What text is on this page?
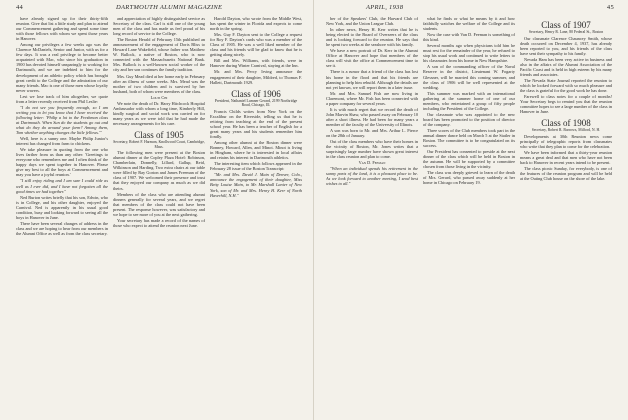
44	DARTMOUTH ALUMNI MAGAZINE

have already signed up for their thirty-fifth reunion. Give that list a little study and plan to attend our Commencement gathering and spend some time with those fellows with whom we spent those years in Hanover.

Among our privileges a few weeks ago was the Clarence McDaniels, Senior and Junior, with us for a few days. It was a real privilege to become better acquainted with Mac, who since his graduation in 1900 has devoted himself unsparingly to working for Dartmouth, and we are indebted to him for the development of an athletic policy which has brought great credit to the College and the admiration of our many friends. Mac is one of those men whose loyalty never wavers.

Lest we lose track of him altogether, we quote from a letter recently received from Phil Leslie:

"I do not see you frequently enough, so I am writing you to let you know that I have received the following letter: 'Philip a lot to the Freshman class at Dartmouth. When Sun do the students go out and what do they do around your farm? Among them, Tom whether anything changes the little fellows.'"

Well, here is a sunny one. Maybe Philip Junior's interest has changed from farm to chickens.

We take pleasure in quoting from the one who lives farther from us than any other: 'Greetings to everyone who remembers me and I often think of the happy days we spent together in Hanover. Please give my best to all the boys at Commencement and may you have a joyful reunion.'

"I still enjoy riding and I am sure I could ride as well as I ever did, and I have not forgotten all the good times we had together."

Ned Burton writes briefly that his son, Edwin, who is in College, and his other daughter, enjoyed the Carnival. Ned is apparently in his usual good condition, busy and looking forward to seeing all the boys in Hanover in June.

There have been several changes of address in the class and we are hoping to hear from our members in the Alumni Office as well as from the class secretary.

and appreciation of highly distinguished service as Secretary of the class. Carl is still one of the young men of the class and has made us feel proud of his long record of service to the College.

The Boston Herald of February 15th published an announcement of the engagement of Doris Bliss to Howard Lane Wakefield, whose father was Matthew W. Bullock, a native of Boston, who is now connected with the Massachusetts National Bank. Mrs. Bullock is a well-known social worker of the city and her son continues the family tradition.

Mrs. Guy Mead died at her home early in February after an illness of some weeks. Mrs. Mead was the mother of two children and is survived by her husband, both of whom were members of the class.

Louis Chi

We note the death of Dr. Harry Hitchcock Hospital Ambassador with whom a long time, Kimberly Hill, kindly surgical and social work was carried on for many years as we were told that he had made the necessary arrangements for his care.

Class of 1905

Secretary, Robert F. Harmon, Knollwood Court, Cambridge, Mass.

The following men were present at the Boston alumni dinner at the Copley Plaza Hotel: Robinson, Chamberlain, Donnelly, Lillard, Gallup, Reid, Wilkinson and Harding. Two extra chairs at our table were filled by Ray Gorton and James Freeman of the class of 1907. We welcomed their presence and trust that they enjoyed our company as much as we did theirs.

Members of the class who are attending alumni dinners generally for several years, and we regret that members of the class could not have been present. The response however, was satisfactory and we hope to see more of you at the next gathering.

Your secretary has made a record of the names of those who expect to attend the reunion next June.

Harold Dayton, who wrote from the Middle West, has spent the winter in Florida and expects to come north in the spring.

Mrs. Guy F. Dayton sent to the College a request for Roy F. Dayton's cards who was a member of the Class of 1905. He was a well liked member of the class and his friends will be glad to know that he is getting along nicely.

Bill and Mrs. Williams, with friends, were in Hanover during Winter Carnival, staying at the Inn.

Mr. and Mrs. Percy Irving announce the engagement of their daughter, Mildred, to Thomas F. Hallett, Dartmouth 1929.

Class of 1906

President, Nathaniel Lumner Gerard, 2199 Northridge Road, Chicago, Ill.

Francis Childs writes from New York on the Excalibur on the Riverside, telling us that he is retiring from teaching at the end of the present school year. He has been a teacher of English for a great many years and his students remember him fondly.

Among other alumni at the Boston dinner were Bonney, Howard, Allen, and Minot. Minot is living in Hingham, where he is interested in local affairs and retains his interest in Dartmouth athletics.

The interesting item which follows appeared in the February 28 issue of the Boston Transcript:

"Mr. and Mrs. David J. Main of Denver, Colo., announce the engagement of their daughter, Miss Betty Louise Main, to Mr. Marshall Lanier of New York, son of Mr. and Mrs. Henry H. Kerr of North Haverhill, N.H."

APRIL, 1938	45

ber of the Speakers' Club, the Harvard Club of New York, and the Union League Club.

In other news, Henry H. Kerr writes that he is being elected to the Board of Overseers of the class and is looking forward to the reunion. He says that he spent two weeks at the seashore with his family.

We have a new portrait of Dr. Kerr in the Alumni Office at Hanover and hope that members of the class will visit the office at Commencement time to see it.

There is a rumor that a friend of the class has lost his home in the flood and that his friends are planning to help him rebuild. Although the details are not yet known, we will report them in a later issue.

Mr. and Mrs. Samuel Fish are now living in Claremont, where Mr. Fish has been connected with a paper company for several years.

It is with much regret that we record the death of John Marvin Shaw, who passed away on February 10 after a short illness. He had been for many years a member of the faculty of the University of Illinois.

A son was born to Mr. and Mrs. Arthur L. Pierce on the 28th of January.

Out of the class members who have their homes in the vicinity of Boston, Mr. Jones writes that a surprisingly large number have shown great interest in the class reunion and plan to come.

Van D. Feeman

"When an individual spends his retirement in the sunny parts of the land, it is a pleasant place to be. As we look forward to another meeting, I send best wishes to all."

what he finds or what he means by it and how faithfully watches the welfare of the College and its students.

Now the case with Van D. Feeman is something of this kind.

Several months ago when physicians told him he must rest for the remainder of the year, he refused to stop his usual work and continued to write letters to his classmates from his home in New Hampshire.

A son of the commanding officer of the Naval Reserve in the district, Lieutenant W. Fogarty Glessner, will be married this coming summer, and the class of 1906 will be well represented at the wedding.

This summer was marked with an international gathering at the summer home of one of our members, who entertained a group of fifty people including the President of the College.

Our classmate who was appointed to the new board has been promoted to the position of director of the company.

Three scores of the Club members took part in the annual dinner dance held on March 5 at the Statler in Boston. The committee is to be congratulated on its success.

Our President has consented to preside at the next dinner of the class which will be held in Boston in the autumn. He will be supported by a committee chosen from those living in the vicinity.

The class was deeply grieved to learn of the death of Mrs. Gerard, who passed away suddenly at her home in Chicago on February 19.

Class of 1907

Secretary, Henry R. Lane, 80 Federal St., Boston

Our classmate Clarence Chauncey Smith, whose death occurred on December 4, 1937, has already been reported to you, and his friends of the class have sent their sympathy to his family.

Nevada Ham has been very active in business and also in the affairs of the Alumni Association of the Pacific Coast and is held in high esteem by his many friends and associates.

The Nevada State Journal reported the reunion to which he looked forward with so much pleasure and the class is grateful for the good work he has done.

Farewell to class notes for a couple of months! Your Secretary begs to remind you that the reunion committee hopes to see a large number of the class in Hanover in June.

Class of 1908

Secretary, Robert R. Barrows, Milford, N. H.

Developments at 30th Reunion news come principally of telegraphic reports from classmates who write that they plan to come for the celebration.

We have been informed that a thirty-year reunion means a great deal and that men who have not been back to Hanover in recent years intend to be present.

The class picnic Sunday, for everybody, is one of the features of the reunion program and will be held at the Outing Club house on the shore of the lake.
